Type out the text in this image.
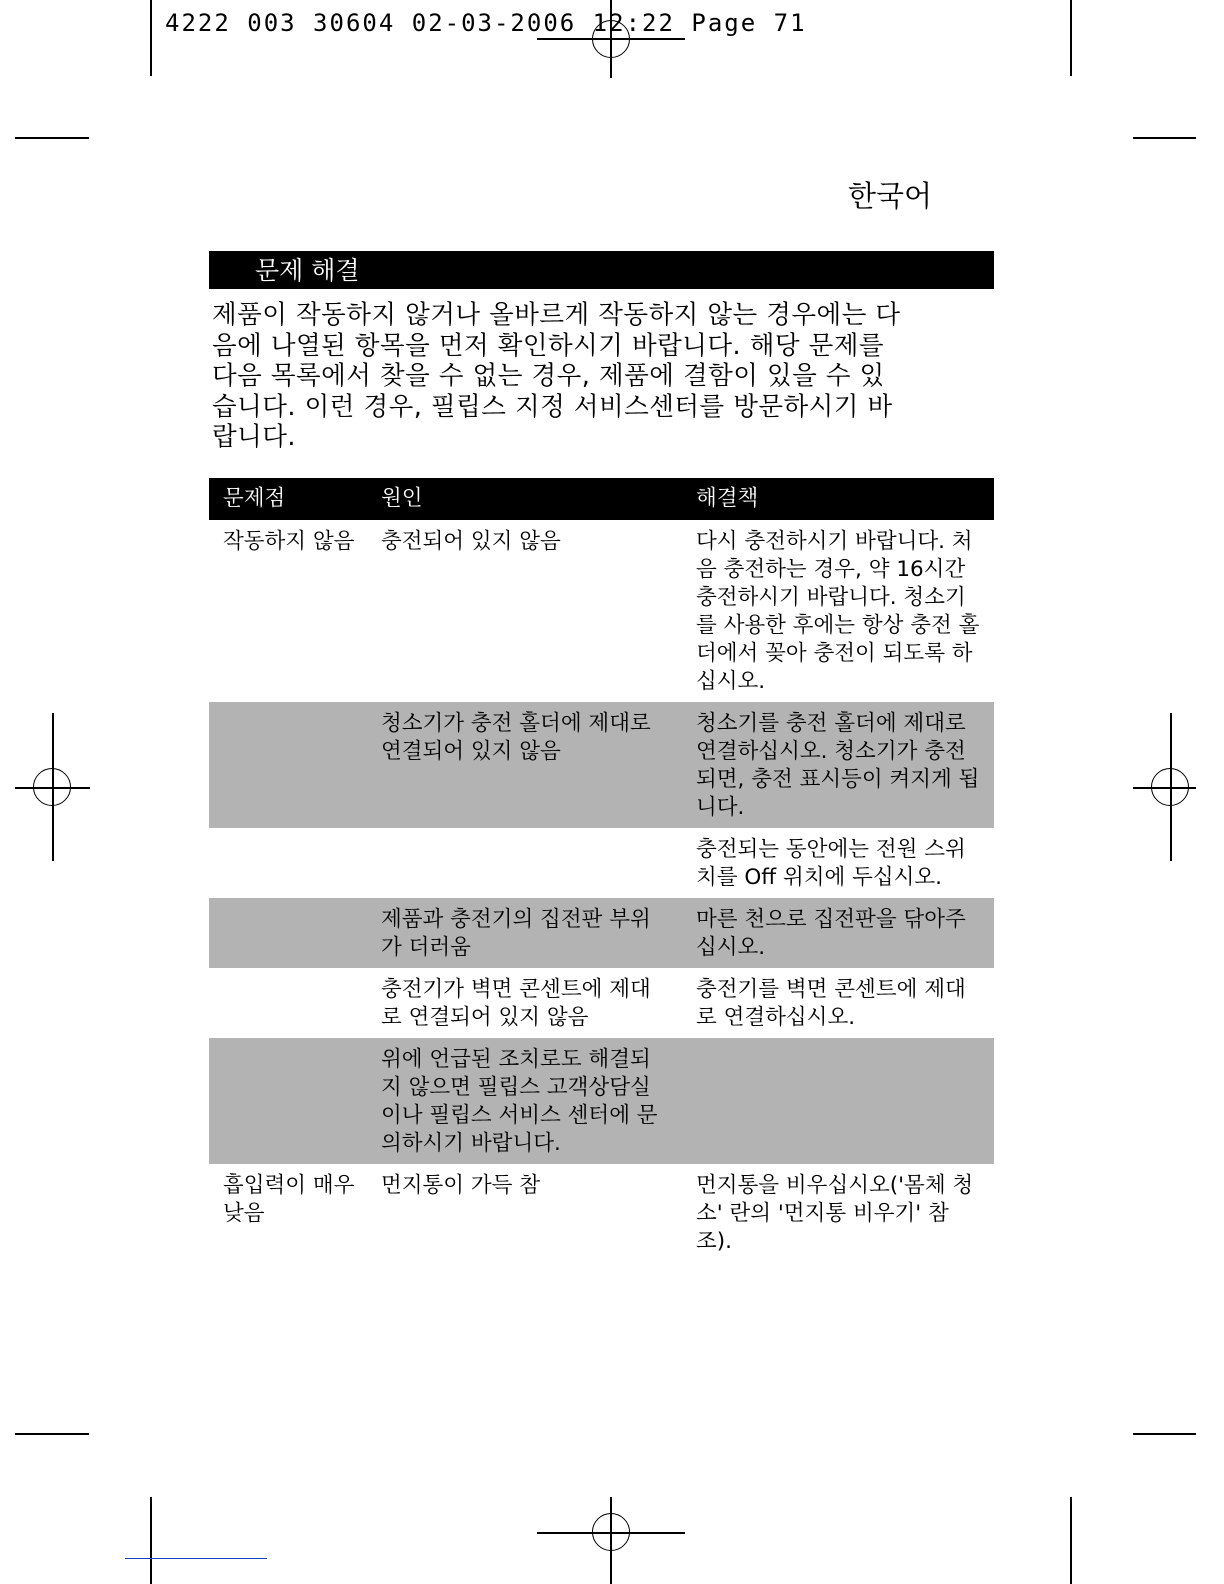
4222 003 30604 02-03-2006 12:22 Page 71
한국어
문제 해결
제품이 작동하지 않거나 올바르게 작동하지 않는 경우에는 다
음에 나열된 항목을 먼저 확인하시기 바랍니다. 해당 문제를
다음 목록에서 찾을 수 없는 경우, 제품에 결함이 있을 수 있
습니다. 이런 경우, 필립스 지정 서비스센터를 방문하시기 바
랍니다.
문제점	원인	해결책
작동하지 않음	충전되어 있지 않음	다시 충전하시기 바랍니다. 처음 충전하는 경우, 약 16시간 충전하시기 바랍니다. 청소기를 사용한 후에는 항상 충전 홀더에서 꽂아 충전이 되도록 하십시오.
	청소기가 충전 홀더에 제대로 연결되어 있지 않음	청소기를 충전 홀더에 제대로 연결하십시오. 청소기가 충전되면, 충전 표시등이 켜지게 됩니다.
		충전되는 동안에는 전원 스위치를 Off 위치에 두십시오.
	제품과 충전기의 집전판 부위가 더러움	마른 천으로 집전판을 닦아주십시오.
	충전기가 벽면 콘센트에 제대로 연결되어 있지 않음	충전기를 벽면 콘센트에 제대로 연결하십시오.
	위에 언급된 조치로도 해결되지 않으면 필립스 고객상담실이나 필립스 서비스 센터에 문의하시기 바랍니다.	
흡입력이 매우 낮음	먼지통이 가득 참	먼지통을 비우십시오('몸체 청소' 란의 '먼지통 비우기' 참조).
